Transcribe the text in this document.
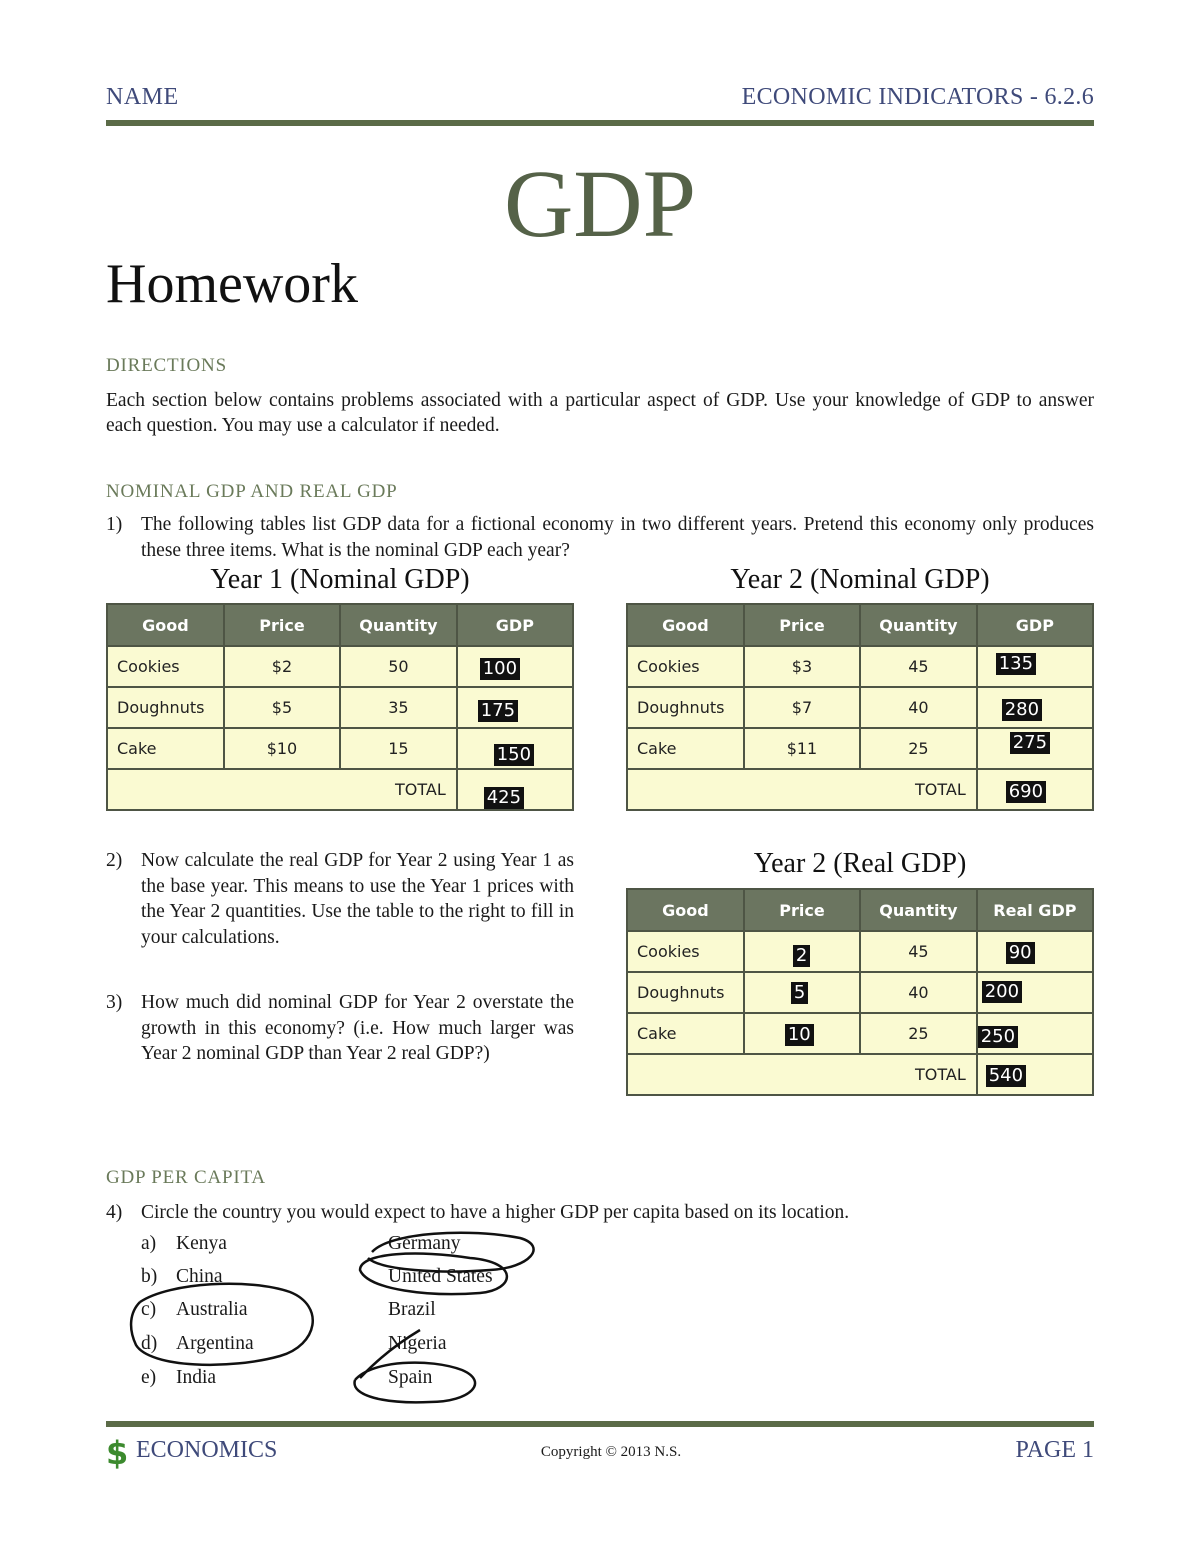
NAME	ECONOMIC INDICATORS - 6.2.6
GDP
Homework
DIRECTIONS
Each section below contains problems associated with a particular aspect of GDP. Use your knowledge of GDP to answer each question. You may use a calculator if needed.
NOMINAL GDP AND REAL GDP
1) The following tables list GDP data for a fictional economy in two different years. Pretend this economy only produces these three items. What is the nominal GDP each year?
Year 1 (Nominal GDP)
Good	Price	Quantity	GDP
Cookies	$2	50	100

Doughnuts	$5	35	175

Cake	$10	15	150

TOTAL			425
Year 2 (Nominal GDP)
Good	Price	Quantity	GDP
Cookies	$3	45	135

Doughnuts	$7	40	280

Cake	$11	25	275

TOTAL			690
2) Now calculate the real GDP for Year 2 using Year 1 as the base year. This means to use the Year 1 prices with the Year 2 quantities. Use the table to the right to fill in your calculations.
3) How much did nominal GDP for Year 2 overstate the growth in this economy? (i.e. How much larger was Year 2 nominal GDP than Year 2 real GDP?)
Year 2 (Real GDP)
Good	Price	Quantity	Real GDP
Cookies	2	45	90

Doughnuts	5	40	200

Cake	10	25	250

TOTAL			540
GDP PER CAPITA
4) Circle the country you would expect to have a higher GDP per capita based on its location.
a) Kenya	Germany
b) China	United States
c) Australia	Brazil
d) Argentina	Nigeria
e) India	Spain
$ ECONOMICS	Copyright © 2013 N.S.	PAGE 1
